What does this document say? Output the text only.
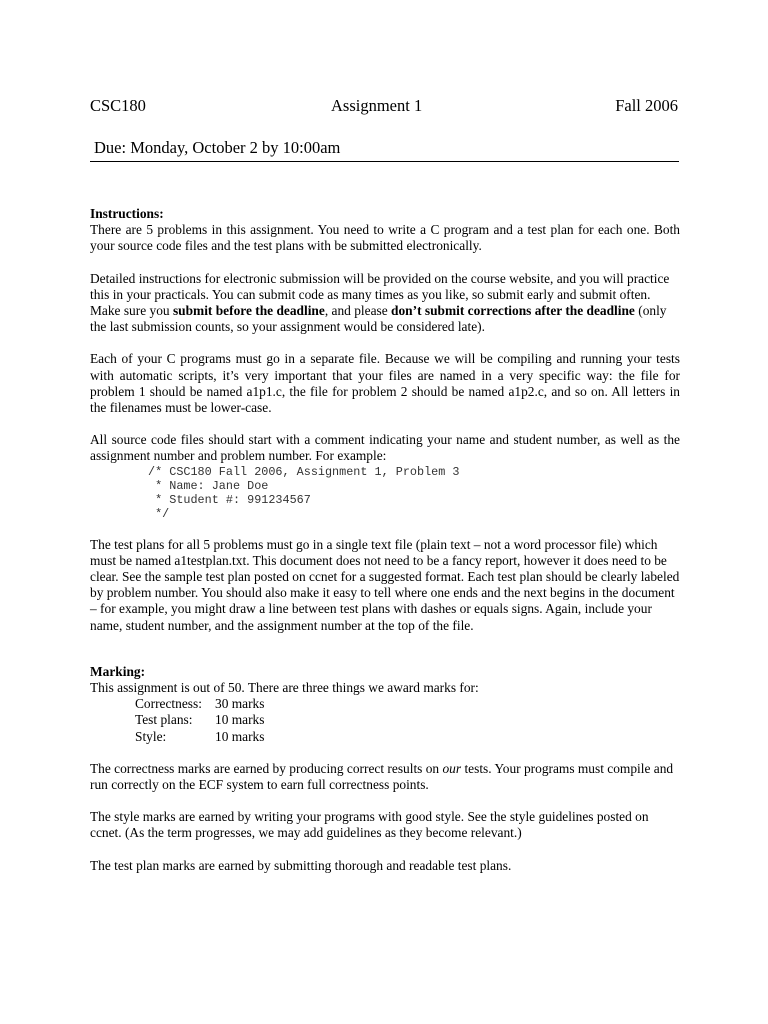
CSC180	Assignment 1	Fall 2006
Due: Monday, October 2 by 10:00am

Instructions:

There are 5 problems in this assignment. You need to write a C program and a test plan for each one. Both your source code files and the test plans with be submitted electronically.

Detailed instructions for electronic submission will be provided on the course website, and you will practice this in your practicals. You can submit code as many times as you like, so submit early and submit often. Make sure you submit before the deadline, and please don’t submit corrections after the deadline (only the last submission counts, so your assignment would be considered late).

Each of your C programs must go in a separate file. Because we will be compiling and running your tests with automatic scripts, it’s very important that your files are named in a very specific way: the file for problem 1 should be named a1p1.c, the file for problem 2 should be named a1p2.c, and so on. All letters in the filenames must be lower-case.

All source code files should start with a comment indicating your name and student number, as well as the assignment number and problem number. For example:

/* CSC180 Fall 2006, Assignment 1, Problem 3
* Name: Jane Doe
* Student #: 991234567
*/

The test plans for all 5 problems must go in a single text file (plain text – not a word processor file) which must be named a1testplan.txt. This document does not need to be a fancy report, however it does need to be clear. See the sample test plan posted on ccnet for a suggested format. Each test plan should be clearly labeled by problem number. You should also make it easy to tell where one ends and the next begins in the document – for example, you might draw a line between test plans with dashes or equals signs. Again, include your name, student number, and the assignment number at the top of the file.

Marking:

This assignment is out of 50. There are three things we award marks for:

Correctness: 30 marks
Test plans:	10 marks
Style:	10 marks

The correctness marks are earned by producing correct results on our tests. Your programs must compile and run correctly on the ECF system to earn full correctness points.

The style marks are earned by writing your programs with good style. See the style guidelines posted on ccnet. (As the term progresses, we may add guidelines as they become relevant.)

The test plan marks are earned by submitting thorough and readable test plans.
